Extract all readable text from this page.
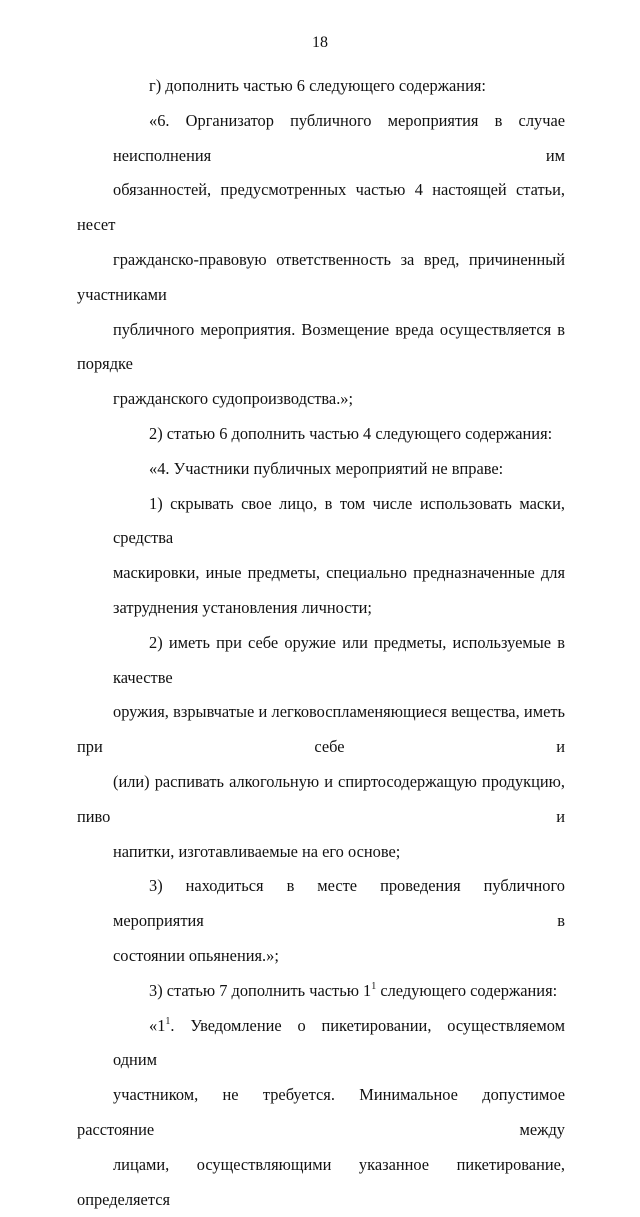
18
г) дополнить частью 6 следующего содержания:
«6. Организатор публичного мероприятия в случае неисполнения им
обязанностей, предусмотренных частью 4 настоящей статьи, несет
гражданско-правовую ответственность за вред, причиненный участниками
публичного мероприятия. Возмещение вреда осуществляется в порядке
гражданского судопроизводства.»;
2) статью 6 дополнить частью 4 следующего содержания:
«4. Участники публичных мероприятий не вправе:
1) скрывать свое лицо, в том числе использовать маски, средства
маскировки, иные предметы, специально предназначенные для
затруднения установления личности;
2) иметь при себе оружие или предметы, используемые в качестве
оружия, взрывчатые и легковоспламеняющиеся вещества, иметь при себе и
(или) распивать алкогольную и спиртосодержащую продукцию, пиво и
напитки, изготавливаемые на его основе;
3) находиться в месте проведения публичного мероприятия в
состоянии опьянения.»;
3) статью 7 дополнить частью $1^1$ следующего содержания:
«$1^1$. Уведомление о пикетировании, осуществляемом одним
участником, не требуется. Минимальное допустимое расстояние между
лицами, осуществляющими указанное пикетирование, определяется
